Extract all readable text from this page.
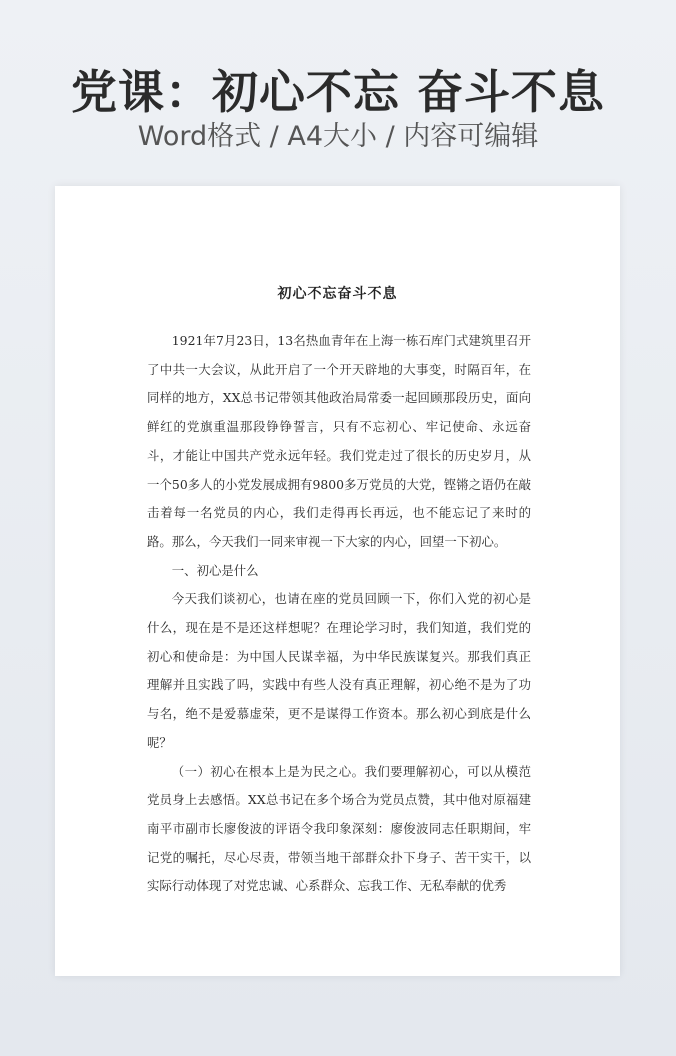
党课：初心不忘 奋斗不息
Word格式 / A4大小 / 内容可编辑
初心不忘奋斗不息

1921年7月23日，13名热血青年在上海一栋石库门式建筑里召开了中共一大会议，从此开启了一个开天辟地的大事变，时隔百年，在同样的地方，XX总书记带领其他政治局常委一起回顾那段历史，面向鲜红的党旗重温那段铮铮誓言，只有不忘初心、牢记使命、永远奋斗，才能让中国共产党永远年轻。我们党走过了很长的历史岁月，从一个50多人的小党发展成拥有9800多万党员的大党，铿锵之语仍在敲击着每一名党员的内心，我们走得再长再远，也不能忘记了来时的路。那么，今天我们一同来审视一下大家的内心，回望一下初心。

一、初心是什么

今天我们谈初心，也请在座的党员回顾一下，你们入党的初心是什么，现在是不是还这样想呢？在理论学习时，我们知道，我们党的初心和使命是：为中国人民谋幸福，为中华民族谋复兴。那我们真正理解并且实践了吗，实践中有些人没有真正理解，初心绝不是为了功与名，绝不是爱慕虚荣，更不是谋得工作资本。那么初心到底是什么呢？

（一）初心在根本上是为民之心。我们要理解初心，可以从模范党员身上去感悟。XX总书记在多个场合为党员点赞，其中他对原福建南平市副市长廖俊波的评语令我印象深刻：廖俊波同志任职期间，牢记党的嘱托，尽心尽责，带领当地干部群众扑下身子、苦干实干，以实际行动体现了对党忠诚、心系群众、忘我工作、无私奉献的优秀
